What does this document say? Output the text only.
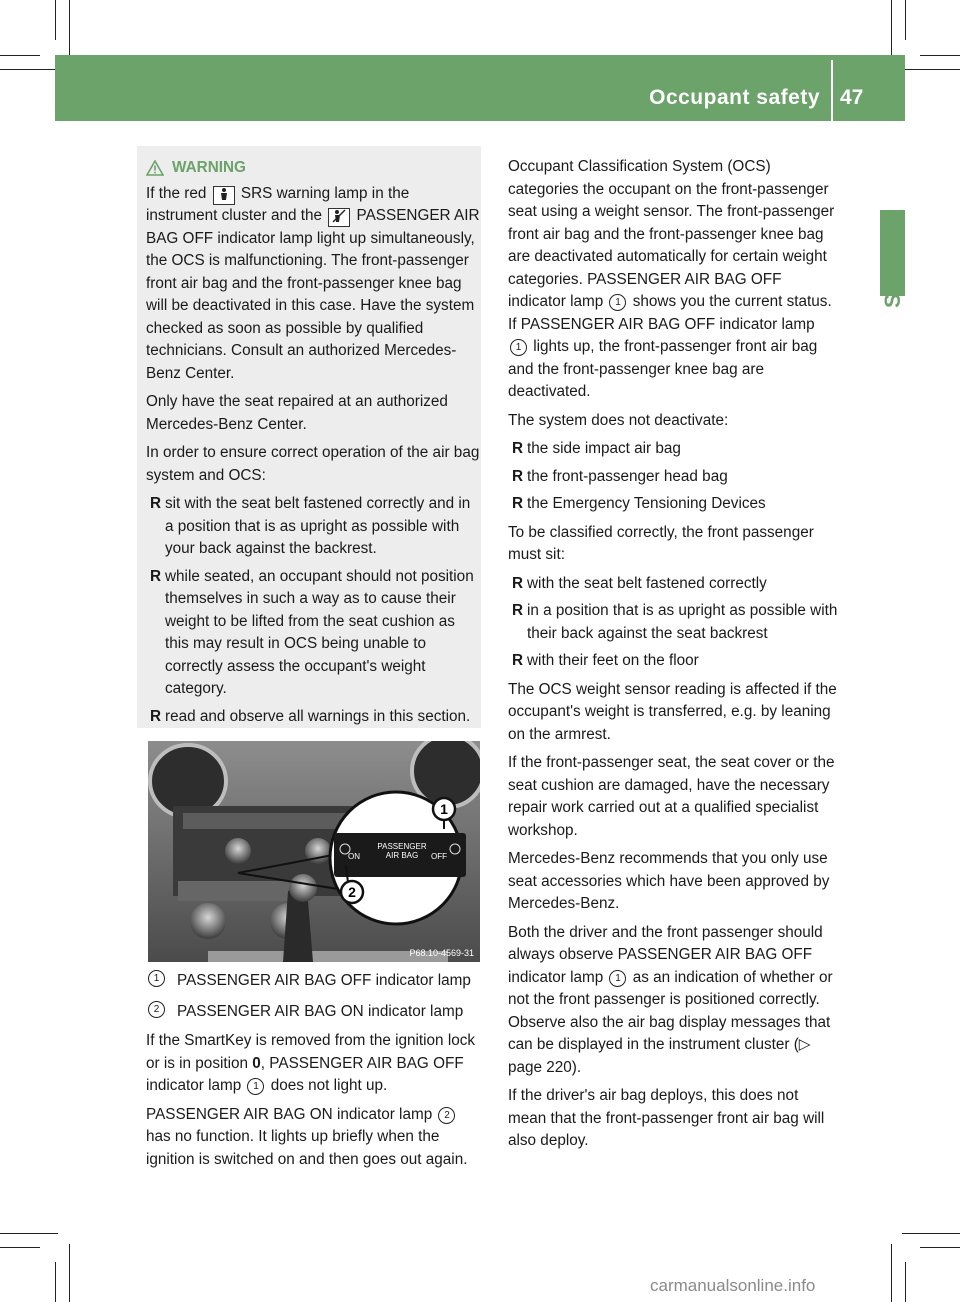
Occupant safety 47
Safety
WARNING

If the red SRS warning lamp in the instrument cluster and the PASSENGER AIR BAG OFF indicator lamp light up simultaneously, the OCS is malfunctioning. The front-passenger front air bag and the front-passenger knee bag will be deactivated in this case. Have the system checked as soon as possible by qualified technicians. Consult an authorized Mercedes-Benz Center.

Only have the seat repaired at an authorized Mercedes-Benz Center.

In order to ensure correct operation of the air bag system and OCS:

R sit with the seat belt fastened correctly and in a position that is as upright as possible with your back against the backrest.
R while seated, an occupant should not position themselves in such a way as to cause their weight to be lifted from the seat cushion as this may result in OCS being unable to correctly assess the occupant's weight category.
R read and observe all warnings in this section.
PASSENGER
AIR BAG
ON	OFF
1
2
P68.10-4569-31
1	PASSENGER AIR BAG OFF indicator lamp
2	PASSENGER AIR BAG ON indicator lamp

If the SmartKey is removed from the ignition lock or is in position 0, PASSENGER AIR BAG OFF indicator lamp 1 does not light up.

PASSENGER AIR BAG ON indicator lamp 2 has no function. It lights up briefly when the ignition is switched on and then goes out again.

Occupant Classification System (OCS) categories the occupant on the front-passenger seat using a weight sensor. The front-passenger front air bag and the front-passenger knee bag are deactivated automatically for certain weight categories. PASSENGER AIR BAG OFF indicator lamp 1 shows you the current status. If PASSENGER AIR BAG OFF indicator lamp 1 lights up, the front-passenger front air bag and the front-passenger knee bag are deactivated.

The system does not deactivate:

R the side impact air bag
R the front-passenger head bag
R the Emergency Tensioning Devices

To be classified correctly, the front passenger must sit:

R with the seat belt fastened correctly
R in a position that is as upright as possible with their back against the seat backrest
R with their feet on the floor

The OCS weight sensor reading is affected if the occupant's weight is transferred, e.g. by leaning on the armrest.

If the front-passenger seat, the seat cover or the seat cushion are damaged, have the necessary repair work carried out at a qualified specialist workshop.

Mercedes-Benz recommends that you only use seat accessories which have been approved by Mercedes-Benz.

Both the driver and the front passenger should always observe PASSENGER AIR BAG OFF indicator lamp 1 as an indication of whether or not the front passenger is positioned correctly. Observe also the air bag display messages that can be displayed in the instrument cluster (▷ page 220).

If the driver's air bag deploys, this does not mean that the front-passenger front air bag will also deploy.

carmanualsonline.info
